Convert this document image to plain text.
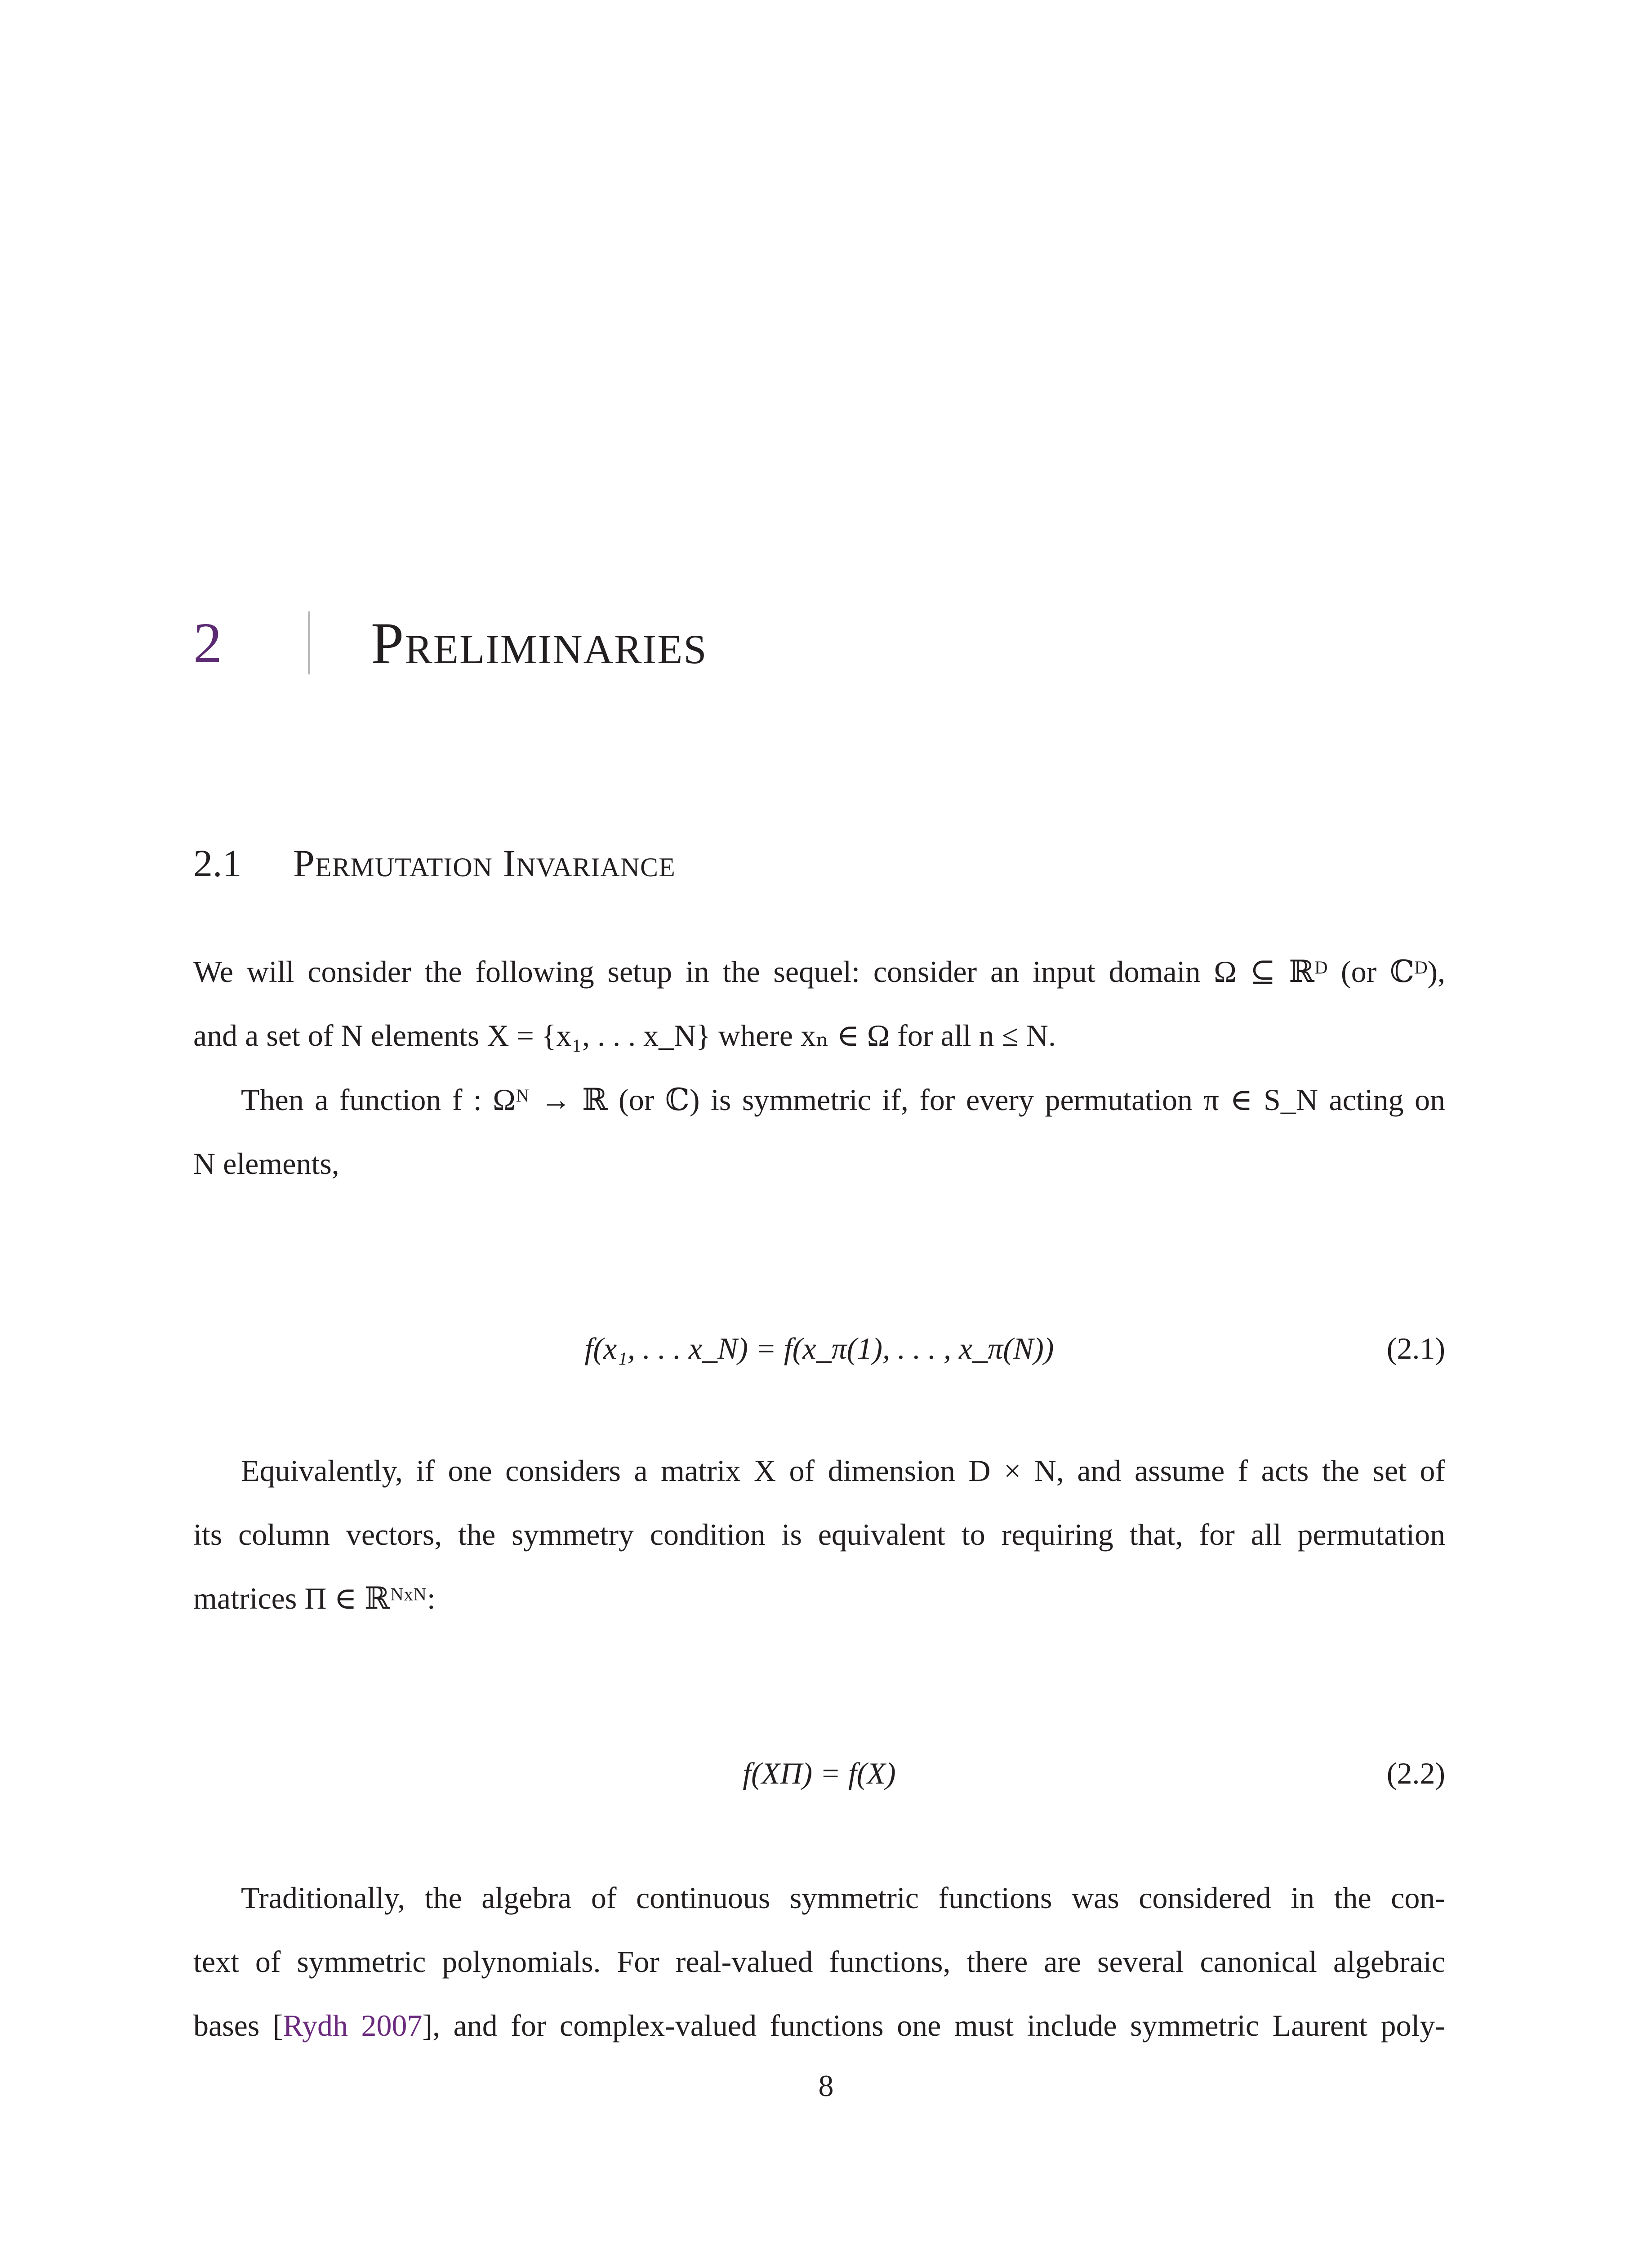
2	Preliminaries
2.1	Permutation Invariance
We will consider the following setup in the sequel: consider an input domain Ω ⊆ ℝᴰ (or ℂᴰ),
and a set of N elements X = {x₁, . . . x_N} where xₙ ∈ Ω for all n ≤ N.
Then a function f : Ωᴺ → ℝ (or ℂ) is symmetric if, for every permutation π ∈ S_N acting on
N elements,
f(x₁, . . . x_N) = f(x_π(1), . . . , x_π(N))	(2.1)
Equivalently, if one considers a matrix X of dimension D × N, and assume f acts the set of
its column vectors, the symmetry condition is equivalent to requiring that, for all permutation
matrices Π ∈ ℝᴺˣᴺ:
f(XΠ) = f(X)	(2.2)
Traditionally, the algebra of continuous symmetric functions was considered in the con-
text of symmetric polynomials. For real-valued functions, there are several canonical algebraic
bases [Rydh 2007], and for complex-valued functions one must include symmetric Laurent poly-
8
